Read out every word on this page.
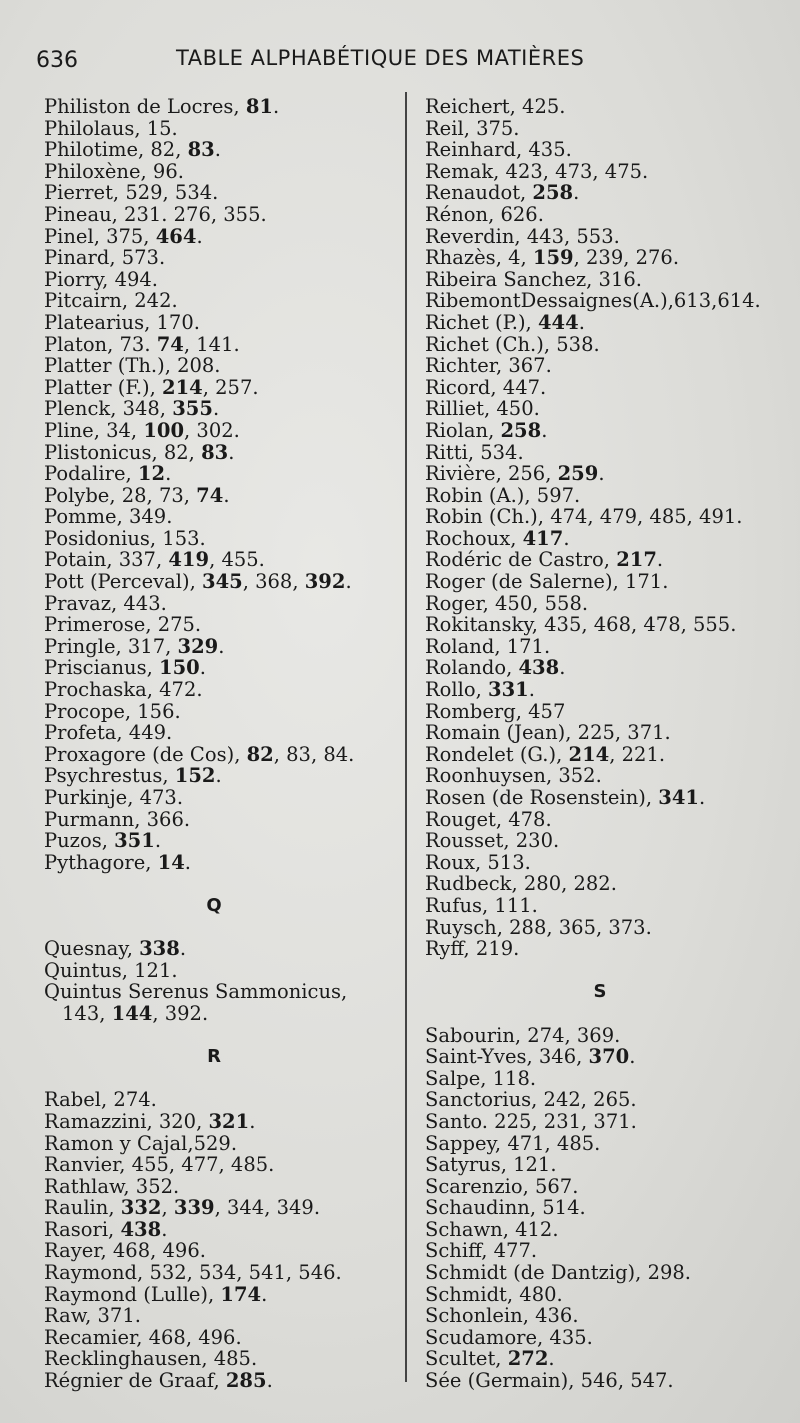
636	TABLE ALPHABÉTIQUE DES MATIÈRES
Philiston de Locres, 81.
Philolaus, 15.
Philotime, 82, 83.
Philoxène, 96.
Pierret, 529, 534.
Pineau, 231. 276, 355.
Pinel, 375, 464.
Pinard, 573.
Piorry, 494.
Pitcairn, 242.
Platearius, 170.
Platon, 73. 74, 141.
Platter (Th.), 208.
Platter (F.), 214, 257.
Plenck, 348, 355.
Pline, 34, 100, 302.
Plistonicus, 82, 83.
Podalire, 12.
Polybe, 28, 73, 74.
Pomme, 349.
Posidonius, 153.
Potain, 337, 419, 455.
Pott (Perceval), 345, 368, 392.
Pravaz, 443.
Primerose, 275.
Pringle, 317, 329.
Priscianus, 150.
Prochaska, 472.
Procope, 156.
Profeta, 449.
Proxagore (de Cos), 82, 83, 84.
Psychrestus, 152.
Purkinje, 473.
Purmann, 366.
Puzos, 351.
Pythagore, 14.
Q
Quesnay, 338.
Quintus, 121.
Quintus Serenus Sammonicus,
143, 144, 392.
R
Rabel, 274.
Ramazzini, 320, 321.
Ramon y Cajal,529.
Ranvier, 455, 477, 485.
Rathlaw, 352.
Raulin, 332, 339, 344, 349.
Rasori, 438.
Rayer, 468, 496.
Raymond, 532, 534, 541, 546.
Raymond (Lulle), 174.
Raw, 371.
Recamier, 468, 496.
Recklinghausen, 485.
Régnier de Graaf, 285.
Reichert, 425.
Reil, 375.
Reinhard, 435.
Remak, 423, 473, 475.
Renaudot, 258.
Rénon, 626.
Reverdin, 443, 553.
Rhazès, 4, 159, 239, 276.
Ribeira Sanchez, 316.
RibemontDessaignes(A.),613,614.
Richet (P.), 444.
Richet (Ch.), 538.
Richter, 367.
Ricord, 447.
Rilliet, 450.
Riolan, 258.
Ritti, 534.
Rivière, 256, 259.
Robin (A.), 597.
Robin (Ch.), 474, 479, 485, 491.
Rochoux, 417.
Rodéric de Castro, 217.
Roger (de Salerne), 171.
Roger, 450, 558.
Rokitansky, 435, 468, 478, 555.
Roland, 171.
Rolando, 438.
Rollo, 331.
Romberg, 457
Romain (Jean), 225, 371.
Rondelet (G.), 214, 221.
Roonhuysen, 352.
Rosen (de Rosenstein), 341.
Rouget, 478.
Rousset, 230.
Roux, 513.
Rudbeck, 280, 282.
Rufus, 111.
Ruysch, 288, 365, 373.
Ryff, 219.
S
Sabourin, 274, 369.
Saint-Yves, 346, 370.
Salpe, 118.
Sanctorius, 242, 265.
Santo. 225, 231, 371.
Sappey, 471, 485.
Satyrus, 121.
Scarenzio, 567.
Schaudinn, 514.
Schawn, 412.
Schiff, 477.
Schmidt (de Dantzig), 298.
Schmidt, 480.
Schonlein, 436.
Scudamore, 435.
Scultet, 272.
Sée (Germain), 546, 547.
